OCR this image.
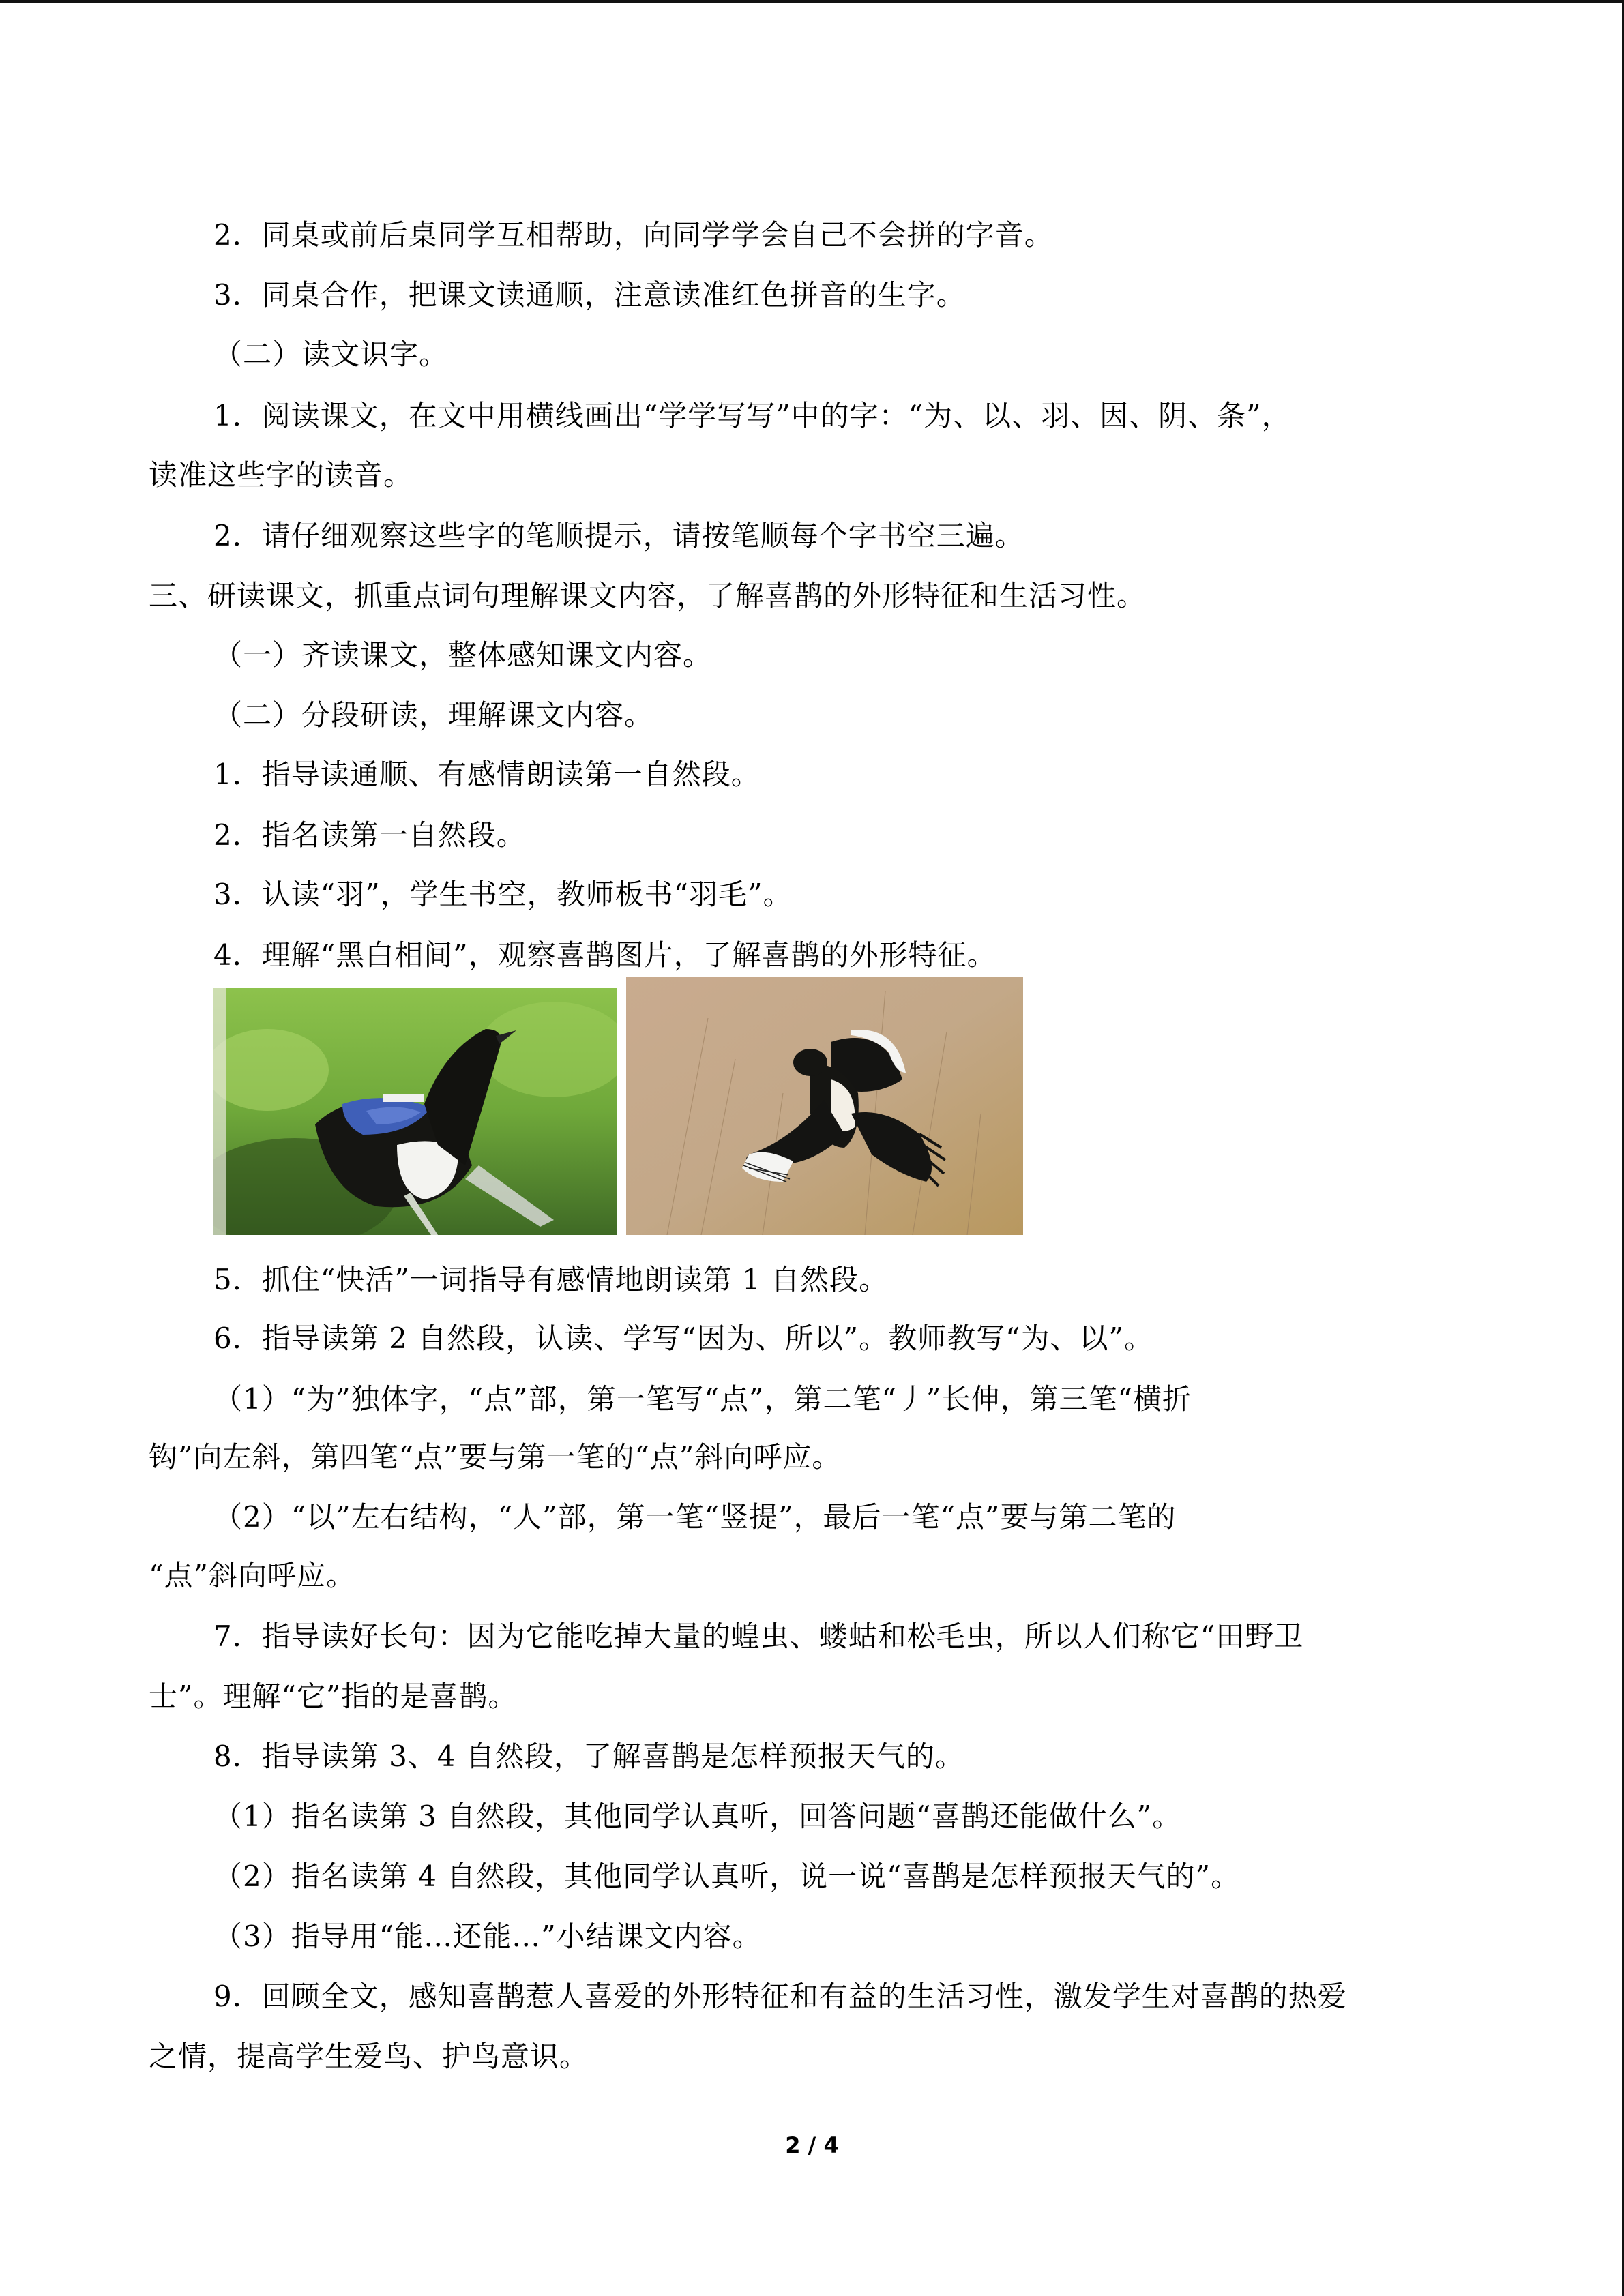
2．同桌或前后桌同学互相帮助，向同学学会自己不会拼的字音。
3．同桌合作，把课文读通顺，注意读准红色拼音的生字。
（二）读文识字。
1．阅读课文，在文中用横线画出“学学写写”中的字：“为、以、羽、因、阴、条”，
读准这些字的读音。
2．请仔细观察这些字的笔顺提示，请按笔顺每个字书空三遍。
三、研读课文，抓重点词句理解课文内容，了解喜鹊的外形特征和生活习性。
（一）齐读课文，整体感知课文内容。
（二）分段研读，理解课文内容。
1．指导读通顺、有感情朗读第一自然段。
2．指名读第一自然段。
3．认读“羽”，学生书空，教师板书“羽毛”。
4．理解“黑白相间”，观察喜鹊图片，了解喜鹊的外形特征。
5．抓住“快活”一词指导有感情地朗读第 1 自然段。
6．指导读第 2 自然段，认读、学写“因为、所以”。教师教写“为、以”。
（1）“为”独体字，“点”部，第一笔写“点”，第二笔“丿”长伸，第三笔“横折
钩”向左斜，第四笔“点”要与第一笔的“点”斜向呼应。
（2）“以”左右结构，“人”部，第一笔“竖提”，最后一笔“点”要与第二笔的
“点”斜向呼应。
7．指导读好长句：因为它能吃掉大量的蝗虫、蝼蛄和松毛虫，所以人们称它“田野卫
士”。理解“它”指的是喜鹊。
8．指导读第 3、4 自然段，了解喜鹊是怎样预报天气的。
（1）指名读第 3 自然段，其他同学认真听，回答问题“喜鹊还能做什么”。
（2）指名读第 4 自然段，其他同学认真听，说一说“喜鹊是怎样预报天气的”。
（3）指导用“能…还能…”小结课文内容。
9．回顾全文，感知喜鹊惹人喜爱的外形特征和有益的生活习性，激发学生对喜鹊的热爱
之情，提高学生爱鸟、护鸟意识。
2 / 4
